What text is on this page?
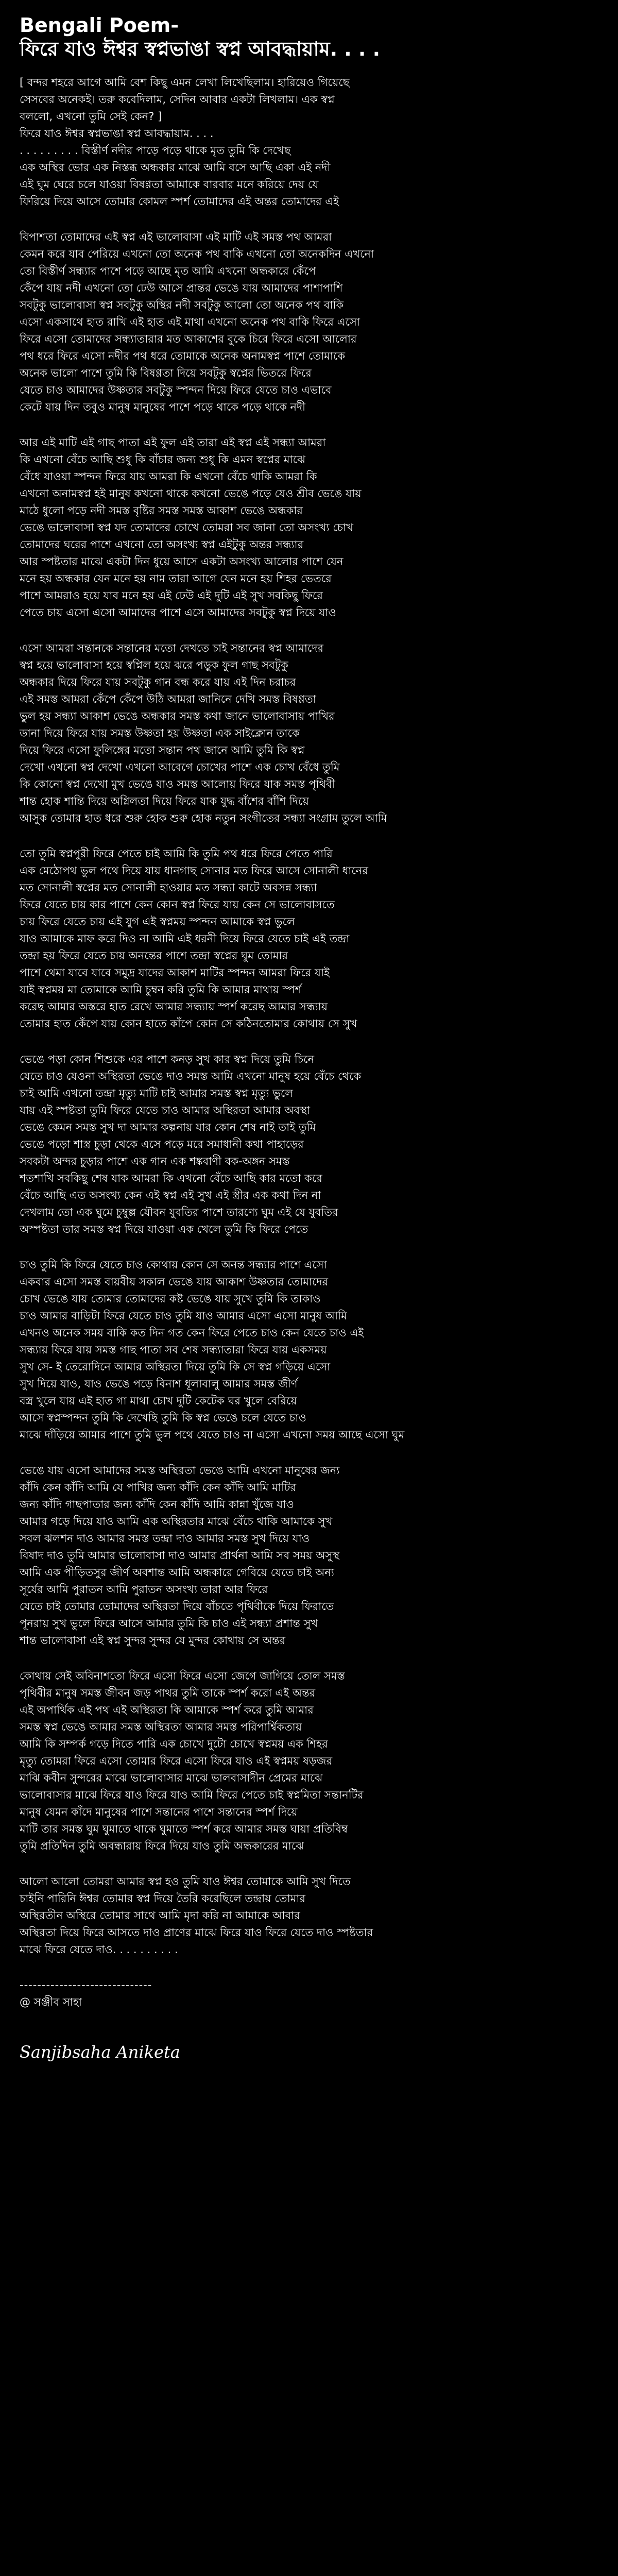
Bengali Poem-
ফিরে যাও ঈশ্বর স্বপ্নভাঙা স্বপ্ন আবদ্ধায়াম. . . .
[ বন্দর শহরে আগে আমি বেশ কিছু এমন লেখা লিখেছিলাম। হারিয়েও গিয়েছে
সেসবের অনেকই। তরু কবেদিলাম, সেদিন আবার একটা লিখলাম। এক স্বপ্ন
বললো, এখনো তুমি সেই কেন? ]
ফিরে যাও ঈশ্বর স্বপ্নভাঙা স্বপ্ন আবদ্ধায়াম. . . .
. . . . . . . . . বিস্তীর্ণ নদীর পাড়ে পড়ে থাকে মৃত তুমি কি দেখেছ
এক অস্থির ভোর এক নিস্তব্ধ অন্ধকার মাঝে আমি বসে আছি একা এই নদী
এই ঘুম ঘেরে চলে যাওয়া বিষণ্ণতা আমাকে বারবার মনে করিয়ে দেয় যে
ফিরিয়ে দিয়ে আসে তোমার কোমল স্পর্শ তোমাদের এই অন্তর তোমাদের এই
বিপাশতা তোমাদের এই স্বপ্ন এই ভালোবাসা এই মাটি এই সমস্ত পথ আমরা
কেমন করে যাব পেরিয়ে এখনো তো অনেক পথ বাকি এখনো তো অনেকদিন এখনো
তো বিস্তীর্ণ সন্ধ্যার পাশে পড়ে আছে মৃত আমি এখনো অন্ধকারে কেঁপে
কেঁপে যায় নদী এখনো তো ঢেউ আসে প্রান্তর ভেঙে যায় আমাদের পাশাপাশি
সবটুকু ভালোবাসা স্বপ্ন সবটুকু অস্থির নদী সবটুকু আলো তো অনেক পথ বাকি
এসো একসাথে হাত রাখি এই হাত এই মাথা এখনো অনেক পথ বাকি ফিরে এসো
ফিরে এসো তোমাদের সন্ধ্যাতারার মত আকাশের বুকে চিরে ফিরে এসো আলোর
পথ ধরে ফিরে এসো নদীর পথ ধরে তোমাকে অনেক অনামস্বপ্ন পাশে তোমাকে
অনেক ভালো পাশে তুমি কি বিষণ্ণতা দিয়ে সবটুকু স্বপ্নের ভিতরে ফিরে
যেতে চাও আমাদের উষ্ণতার সবটুকু স্পন্দন দিয়ে ফিরে যেতে চাও এভাবে
কেটে যায় দিন তবুও মানুষ মানুষের পাশে পড়ে থাকে পড়ে থাকে নদী
আর এই মাটি এই গাছ পাতা এই ফুল এই তারা এই স্বপ্ন এই সন্ধ্যা আমরা
কি এখনো বেঁচে আছি শুধু কি বাঁচার জন্য শুধু কি এমন স্বপ্নের মাঝে
বেঁধে যাওয়া স্পন্দন ফিরে যায় আমরা কি এখনো বেঁচে থাকি আমরা কি
এখনো অনামস্বপ্ন হই মানুষ কখনো থাকে কখনো ভেঙে পড়ে যেও শ্রীব ভেঙে যায়
মাঠে ধুলো পড়ে নদী সমস্ত বৃষ্টির সমস্ত সমস্ত আকাশ ভেঙে অন্ধকার
ভেঙে ভালোবাসা স্বপ্ন যদ তোমাদের চোখে তোমরা সব জানা তো অসংখ্য চোখ
তোমাদের ঘরের পাশে এখনো তো অসংখ্য স্বপ্ন এইটুকু অন্তর সন্ধ্যার
আর স্পষ্টতার মাঝে একটা দিন ধুয়ে আসে একটা অসংখ্য আলোর পাশে যেন
মনে হয় অন্ধকার যেন মনে হয় নাম তারা আগে যেন মনে হয় শিহর ভেতরে
পাশে আমরাও হয়ে যাব মনে হয় এই ঢেউ এই দুটি এই সুখ সবকিছু ফিরে
পেতে চায় এসো এসো আমাদের পাশে এসে আমাদের সবটুকু স্বপ্ন দিয়ে যাও
এসো আমরা সন্তানকে সন্তানের মতো দেখতে চাই সন্তানের স্বপ্ন আমাদের
স্বপ্ন হয়ে ভালোবাসা হয়ে স্বপ্নিল হয়ে ঝরে পড়ুক ফুল গাছ সবটুকু
অন্ধকার দিয়ে ফিরে যায় সবটুকু গান বন্ধ করে যায় এই দিন চরাচর
এই সমস্ত আমরা কেঁপে কেঁপে উঠি আমরা জানিনে দেখি সমস্ত বিষণ্ণতা
ভুল হয় সন্ধ্যা আকাশ ভেঙে অন্ধকার সমস্ত কথা জানে ভালোবাসায় পাখির
ডানা দিয়ে ফিরে যায় সমস্ত উষ্ণতা হয় উষ্ণতা এক সাইক্লোন তাকে
দিয়ে ফিরে এসো ফুলিঙ্গের মতো সন্তান পথ জানে আমি তুমি কি স্বপ্ন
দেখো এখনো স্বপ্ন দেখো এখনো আবেগে চোখের পাশে এক চোখ বেঁধে তুমি
কি কোনো স্বপ্ন দেখো মুখ ভেঙে যাও সমস্ত আলোয় ফিরে যাক সমস্ত পৃথিবী
শান্ত হোক শান্তি দিয়ে অগ্নিলতা দিয়ে ফিরে যাক যুদ্ধ বাঁশের বাঁশি দিয়ে
আসুক তোমার হাত ধরে শুরু হোক শুরু হোক নতুন সংগীতের সন্ধ্যা সংগ্রাম তুলে আমি
তো তুমি স্বপ্নপুরী ফিরে পেতে চাই আমি কি তুমি পথ ধরে ফিরে পেতে পারি
এক মেঠোপথ ভুল পথে দিয়ে যায় ধানগাছ সোনার মত ফিরে আসে সোনালী ধানের
মত সোনালী স্বপ্নের মত সোনালী হাওয়ার মত সন্ধ্যা কাটে অবসন্ন সন্ধ্যা
ফিরে যেতে চায় কার পাশে কেন কোন স্বপ্ন ফিরে যায় কেন সে ভালোবাসতে
চায় ফিরে যেতে চায় এই যুগ এই স্বপ্নময় স্পন্দন আমাকে স্বপ্ন ভুলে
যাও আমাকে মাফ করে দিও না আমি এই ধরনী দিয়ে ফিরে যেতে চাই এই তন্দ্রা
তন্দ্রা হয় ফিরে যেতে চায় অনন্তের পাশে তন্দ্রা স্বপ্নের ঘুম তোমার
পাশে থেমা যাবে যাবে সমুদ্র যাদের আকাশ মাটির স্পন্দন আমরা ফিরে যাই
যাই স্বপ্নময় মা তোমাকে আমি চুম্বন করি তুমি কি আমার মাথায় স্পর্শ
করেছ আমার অস্তরে হাত রেখে আমার সন্ধ্যায় স্পর্শ করেছ আমার সন্ধ্যায়
তোমার হাত কেঁপে যায় কোন হাতে কাঁপে কোন সে কঠিনতোমার কোথায় সে সুখ
ভেঙে পড়া কোন শিশুকে এর পাশে কনড় সুখ কার স্বপ্ন দিয়ে তুমি চিনে
যেতে চাও যেওনা অস্থিরতা ভেঙে দাও সমস্ত আমি এখনো মানুষ হয়ে বেঁচে থেকে
চাই আমি এখনো তন্দ্রা মৃত্যু মাটি চাই আমার সমস্ত স্বপ্ন মৃত্যু ভুলে
যায় এই স্পষ্টতা তুমি ফিরে যেতে চাও আমার অস্থিরতা আমার অবস্থা
ভেঙে কেমন সমস্ত সুখ দা আমার কল্পনায় যার কোন শেষ নাই তাই তুমি
ভেঙে পড়ো শাস্ত্র চুড়া থেকে এসে পড়ে মরে সমাধানী কথা পাহাড়ের
সবকটা অন্দর চুড়ার পাশে এক গান এক শঙ্কবাণী বক-অঙ্গন সমস্ত
শতশাখি সবকিছু শেষ যাক আমরা কি এখনো বেঁচে আছি কার মতো করে
বেঁচে আছি এত অসংখ্য কেন এই স্বপ্ন এই সুখ এই স্ত্রীর এক কথা দিন না
দেখলাম তো এক ঘুমে চুম্বুল্ল যৌবন যুবতির পাশে তারণ্যে ঘুম এই যে যুবতির
অস্পষ্টতা তার সমস্ত স্বপ্ন দিয়ে যাওয়া এক খেলে তুমি কি ফিরে পেতে
চাও তুমি কি ফিরে যেতে চাও কোথায় কোন সে অনন্ত সন্ধ্যার পাশে এসো
একবার এসো সমস্ত বায়বীয় সকাল ভেঙে যায় আকাশ উষ্ণতার তোমাদের
চোখ ভেঙে যায় তোমার তোমাদের কষ্ট ভেঙে যায় সুখে তুমি কি তাকাও
চাও আমার বাড়িটা ফিরে যেতে চাও তুমি যাও আমার এসো এসো মানুষ আমি
এখনও অনেক সময় বাকি কত দিন গত কেন ফিরে পেতে চাও কেন যেতে চাও এই
সন্ধ্যায় ফিরে যায় সমস্ত গাছ পাতা সব শেষ সন্ধ্যাতারা ফিরে যায় একসময়
সুখ সে- ই তেরোদিনে আমার অস্থিরতা দিয়ে তুমি কি সে স্বপ্ন গড়িয়ে এসো
সুখ দিয়ে যাও, যাও ভেঙে পড়ে বিনাশ ধূলাবালু আমার সমস্ত জীর্ণ
বস্ত্র খুলে যায় এই হাত গা মাথা চোখ দুটি কেটেক ঘর খুলে বেরিয়ে
আসে স্বপ্নস্পন্দন তুমি কি দেখেছি তুমি কি স্বপ্ন ভেঙে চলে যেতে চাও
মাঝে দাঁড়িয়ে আমার পাশে তুমি ভুল পথে যেতে চাও না এসো এখনো সময় আছে এসো ঘুম
ভেঙে যায় এসো আমাদের সমস্ত অস্থিরতা ভেঙে আমি এখনো মানুষের জন্য
কাঁদি কেন কাঁদি আমি যে পাখির জন্য কাঁদি কেন কাঁদি আমি মাটির
জন্য কাঁদি গাছপাতার জন্য কাঁদি কেন কাঁদি আমি কান্না খুঁজে যাও
আমার গড়ে দিয়ে যাও আমি এক অস্থিরতার মাঝে বেঁচে থাকি আমাকে সুখ
সবল ঝলশন দাও আমার সমস্ত তন্দ্রা দাও আমার সমস্ত সুখ দিয়ে যাও
বিষাদ দাও তুমি আমার ভালোবাসা দাও আমার প্রার্থনা আমি সব সময় অসুস্থ
আমি এক পীড়িতসুর জীর্ণ অবশান্ত আমি অন্ধকারে গেবিয়ে যেতে চাই অন্য
সূর্যের আমি পুরাতন আমি পুরাতন অসংখ্য তারা আর ফিরে
যেতে চাই তোমার তোমাদের অস্থিরতা দিয়ে বাঁচতে পৃথিবীকে দিয়ে ফিরাতে
পূনরায় সুখ ভুলে ফিরে আসে আমার তুমি কি চাও এই সন্ধ্যা প্রশান্ত সুখ
শান্ত ভালোবাসা এই স্বপ্ন সুন্দর সুন্দর যে মুন্দর কোথায় সে অন্তর
কোথায় সেই অবিনাশতো ফিরে এসো ফিরে এসো জেগে জাগিয়ে তোল সমস্ত
পৃথিবীর মানুষ সমস্ত জীবন জড় পাথর তুমি তাকে স্পর্শ করো এই অন্তর
এই অপার্থিক এই পথ এই অস্থিরতা কি আমাকে স্পর্শ করে তুমি আমার
সমস্ত স্বপ্ন ভেঙে আমার সমস্ত অস্থিরতা আমার সমস্ত পরিপার্শ্বিকতায়
আমি কি সম্পর্ক গড়ে দিতে পারি এক চোখে দুটো চোখে স্বপ্নময় এক শিহর
মৃত্যু তোমরা ফিরে এসো তোমার ফিরে এসো ফিরে যাও এই স্বপ্নময় ষড়জর
মাঝি কবীন সুন্দরের মাঝে ভালোবাসার মাঝে ভালবাসাদীন প্রেমের মাঝে
ভালোবাসার মাঝে ফিরে যাও ফিরে যাও আমি ফিরে পেতে চাই স্বপ্নমিতা সন্তানটির
মানুষ যেমন কাঁদে মানুষের পাশে সন্তানের পাশে সন্তানের স্পর্শ দিয়ে
মাটি তার সমস্ত ঘুম ঘুমাতে থাকে ঘুমাতে স্পর্শ করে আমার সমস্ত ঘায়া প্রতিবিম্ব
তুমি প্রতিদিন তুমি অবন্ধারায় ফিরে দিয়ে যাও তুমি অন্ধকারের মাঝে
আলো আলো তোমরা আমার স্বপ্ন হও তুমি যাও ঈশ্বর তোমাকে আমি সুখ দিতে
চাইনি পারিনি ঈশ্বর তোমার স্বপ্ন দিয়ে তৈরি করেছিলে তন্দ্রায় তোমার
অস্থিরতীন অস্থিরে তোমার সাথে আমি মৃদা করি না আমাকে আবার
অস্থিরতা দিয়ে ফিরে আসতে দাও প্রাণের মাঝে ফিরে যাও ফিরে যেতে দাও স্পষ্টতার
মাঝে ফিরে যেতে দাও. . . . . . . . . .

------------------------------

@ সঞ্জীব সাহা

Sanjibsaha Aniketa
